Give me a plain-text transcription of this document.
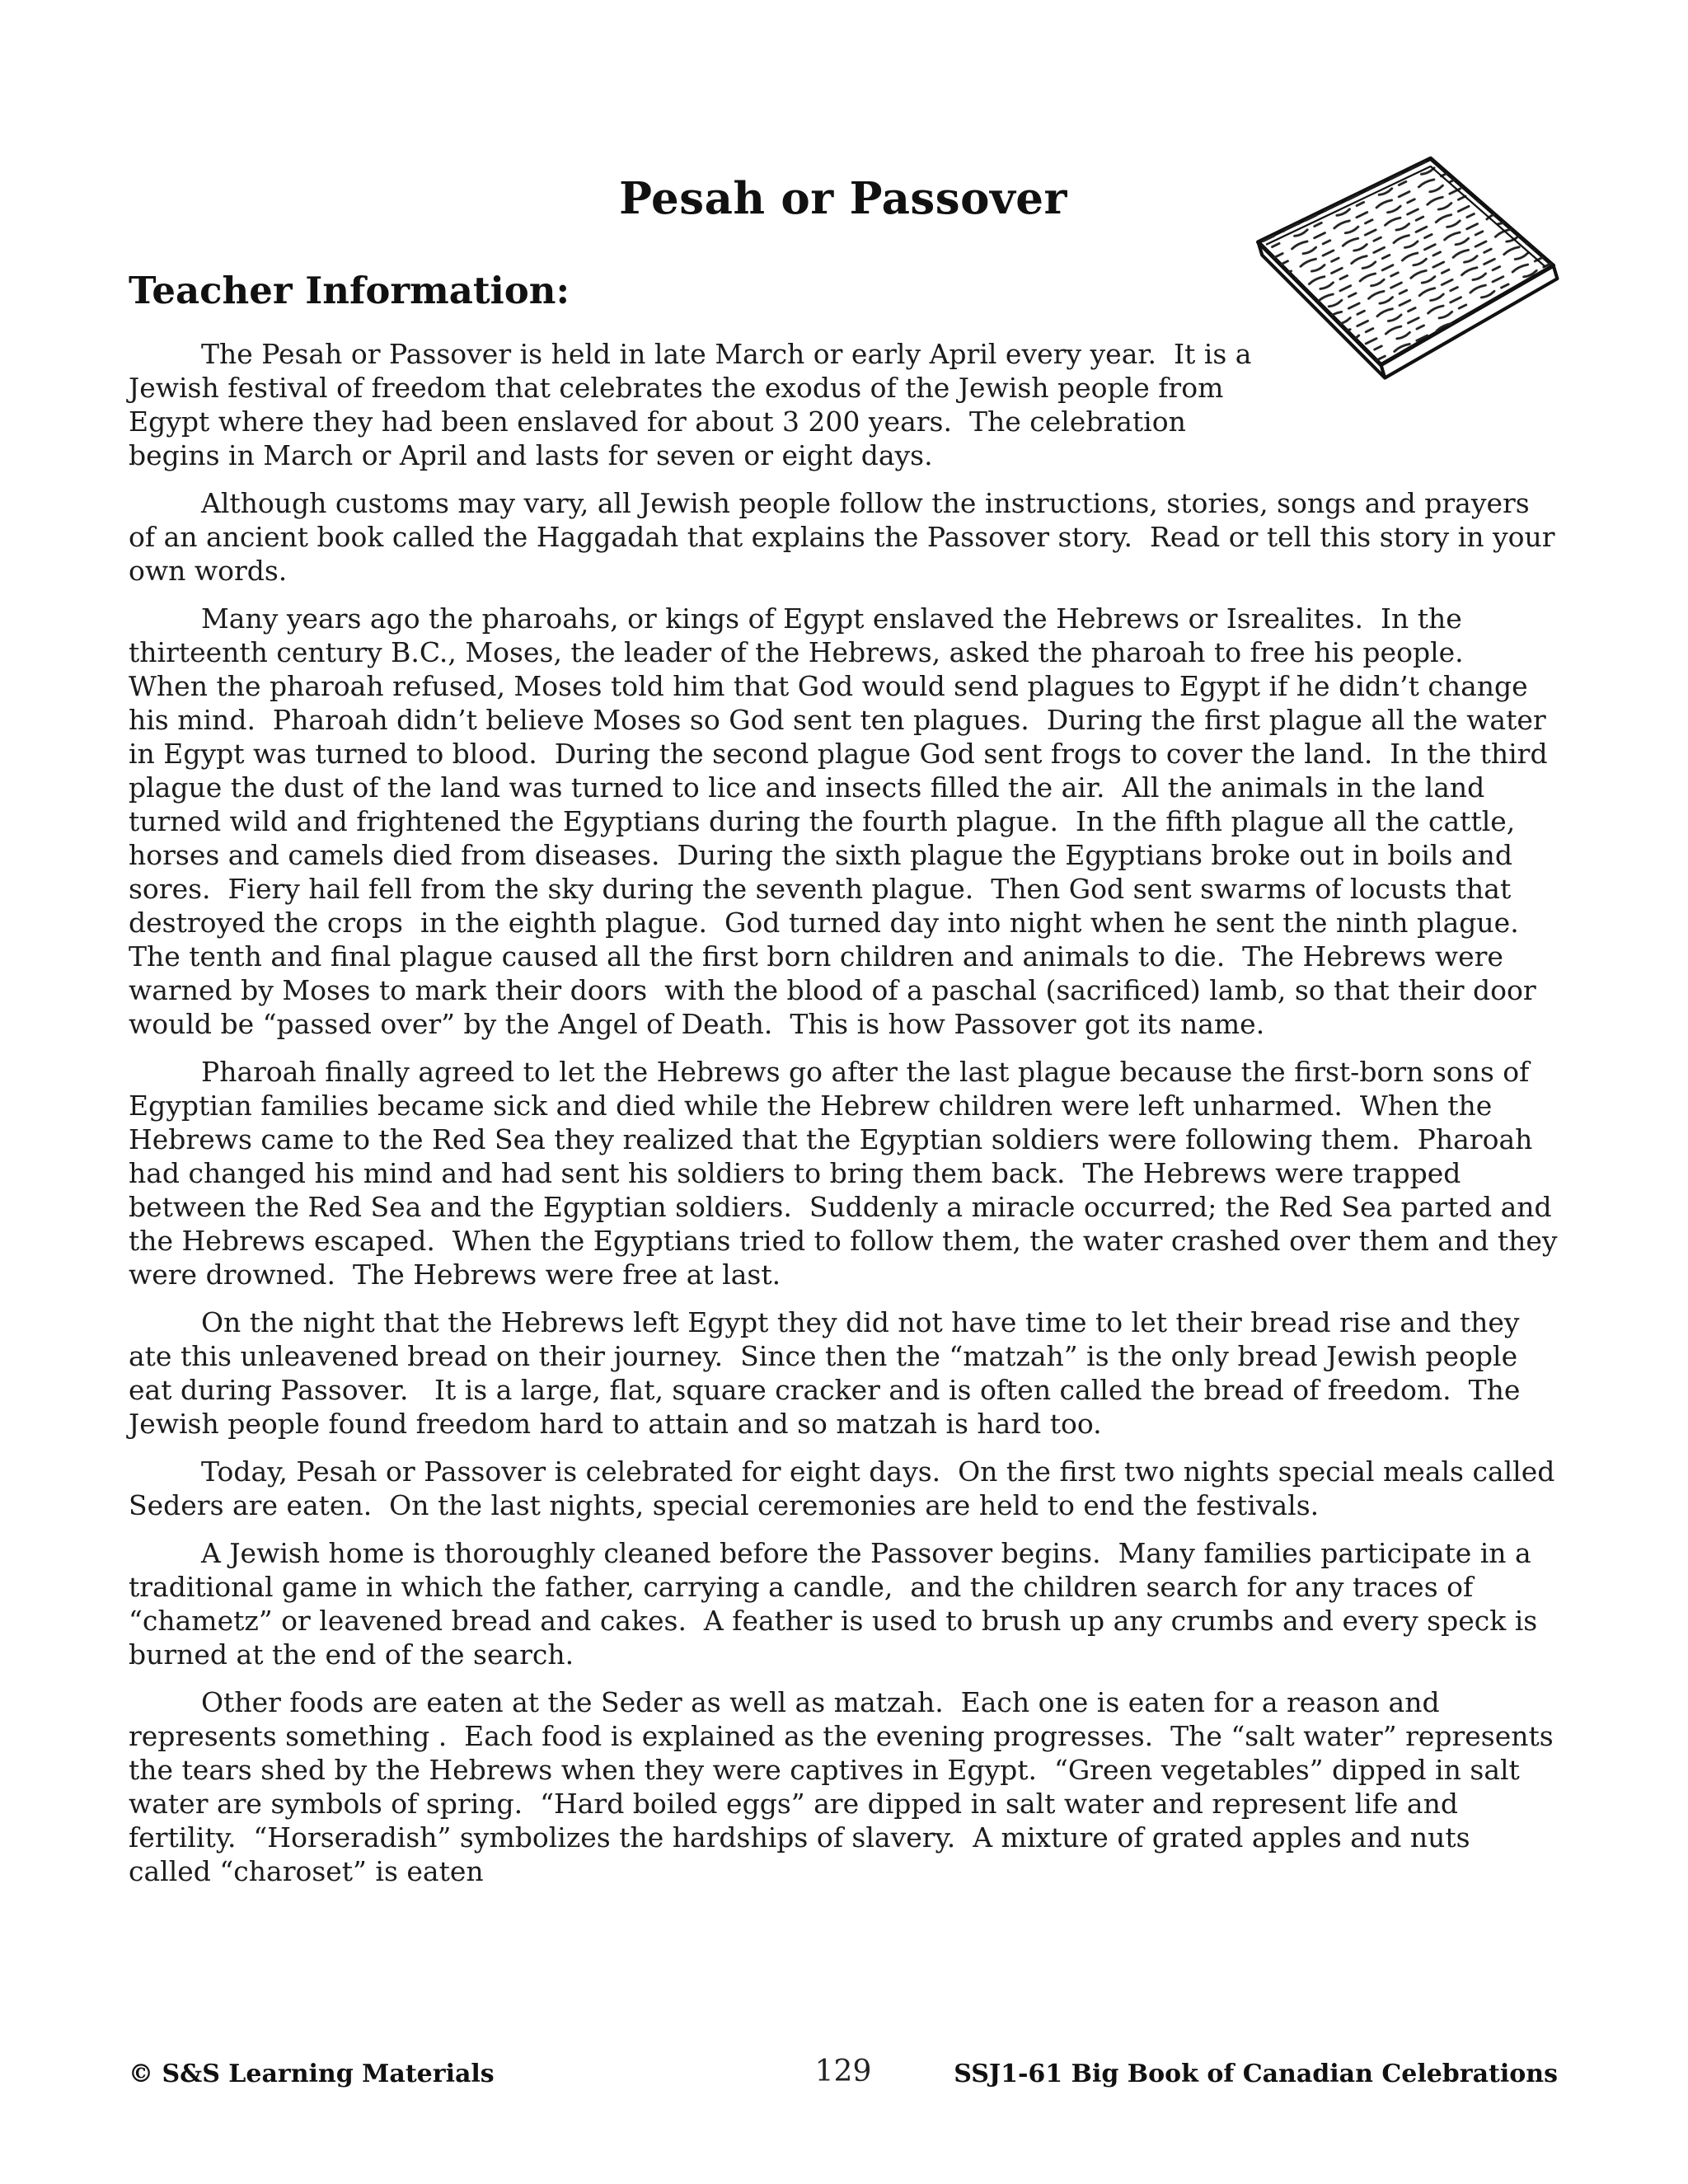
Pesah or Passover
Teacher Information:

The Pesah or Passover is held in late March or early April every year.  It is a Jewish festival of freedom that celebrates the exodus of the Jewish people from Egypt where they had been enslaved for about 3 200 years.  The celebration begins in March or April and lasts for seven or eight days.

Although customs may vary, all Jewish people follow the instructions, stories, songs and prayers of an ancient book called the Haggadah that explains the Passover story.  Read or tell this story in your own words.

Many years ago the pharoahs, or kings of Egypt enslaved the Hebrews or Isrealites.  In the thirteenth century B.C., Moses, the leader of the Hebrews, asked the pharoah to free his people.  When the pharoah refused, Moses told him that God would send plagues to Egypt if he didn’t change his mind.  Pharoah didn’t believe Moses so God sent ten plagues.  During the first plague all the water in Egypt was turned to blood.  During the second plague God sent frogs to cover the land.  In the third plague the dust of the land was turned to lice and insects filled the air.  All the animals in the land turned wild and frightened the Egyptians during the fourth plague.  In the fifth plague all the cattle, horses and camels died from diseases.  During the sixth plague the Egyptians broke out in boils and sores.  Fiery hail fell from the sky during the seventh plague.  Then God sent swarms of locusts that destroyed the crops  in the eighth plague.  God turned day into night when he sent the ninth plague.  The tenth and final plague caused all the first born children and animals to die.  The Hebrews were warned by Moses to mark their doors  with the blood of a paschal (sacrificed) lamb, so that their door would be “passed over” by the Angel of Death.  This is how Passover got its name.

Pharoah finally agreed to let the Hebrews go after the last plague because the first-born sons of Egyptian families became sick and died while the Hebrew children were left unharmed.  When the Hebrews came to the Red Sea they realized that the Egyptian soldiers were following them.  Pharoah had changed his mind and had sent his soldiers to bring them back.  The Hebrews were trapped between the Red Sea and the Egyptian soldiers.  Suddenly a miracle occurred; the Red Sea parted and the Hebrews escaped.  When the Egyptians tried to follow them, the water crashed over them and they were drowned.  The Hebrews were free at last.

On the night that the Hebrews left Egypt they did not have time to let their bread rise and they ate this unleavened bread on their journey.  Since then the “matzah” is the only bread Jewish people eat during Passover.   It is a large, flat, square cracker and is often called the bread of freedom.  The Jewish people found freedom hard to attain and so matzah is hard too.

Today, Pesah or Passover is celebrated for eight days.  On the first two nights special meals called Seders are eaten.  On the last nights, special ceremonies are held to end the festivals.

A Jewish home is thoroughly cleaned before the Passover begins.  Many families participate in a traditional game in which the father, carrying a candle,  and the children search for any traces of “chametz” or leavened bread and cakes.  A feather is used to brush up any crumbs and every speck is burned at the end of the search.

Other foods are eaten at the Seder as well as matzah.  Each one is eaten for a reason and represents something .  Each food is explained as the evening progresses.  The “salt water” represents the tears shed by the Hebrews when they were captives in Egypt.  “Green vegetables” dipped in salt water are symbols of spring.  “Hard boiled eggs” are dipped in salt water and represent life and fertility.  “Horseradish” symbolizes the hardships of slavery.  A mixture of grated apples and nuts called “charoset” is eaten

© S&S Learning Materials	129	SSJ1-61 Big Book of Canadian Celebrations
